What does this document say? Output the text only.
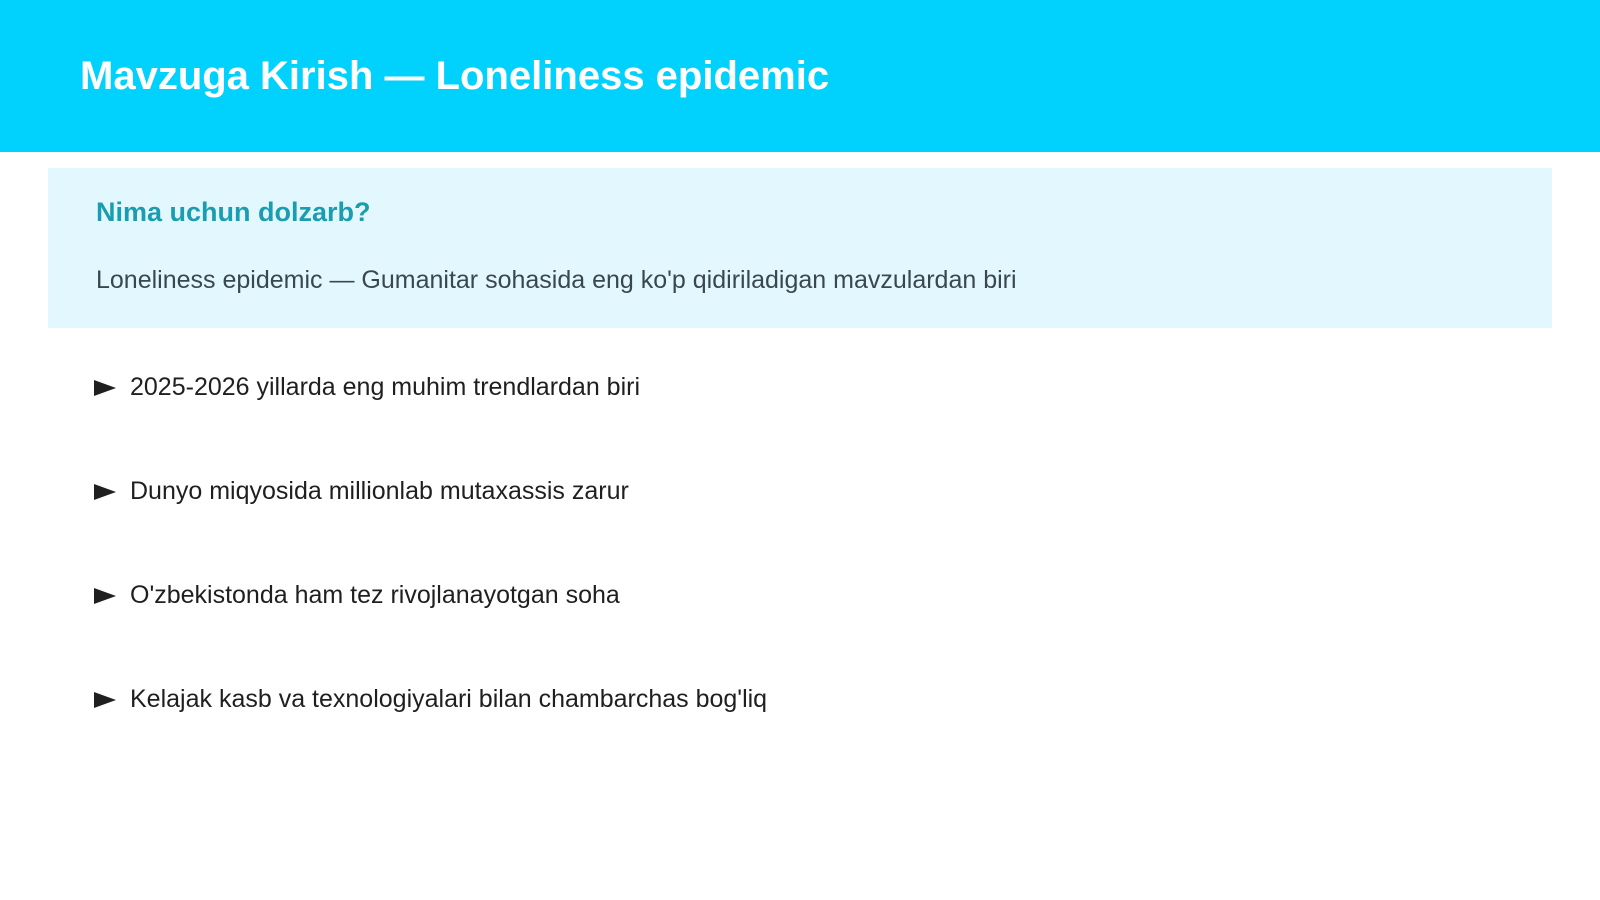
Mavzuga Kirish — Loneliness epidemic
Nima uchun dolzarb?

Loneliness epidemic — Gumanitar sohasida eng ko'p qidiriladigan mavzulardan biri

2025-2026 yillarda eng muhim trendlardan biri
Dunyo miqyosida millionlab mutaxassis zarur
O'zbekistonda ham tez rivojlanayotgan soha
Kelajak kasb va texnologiyalari bilan chambarchas bog'liq
